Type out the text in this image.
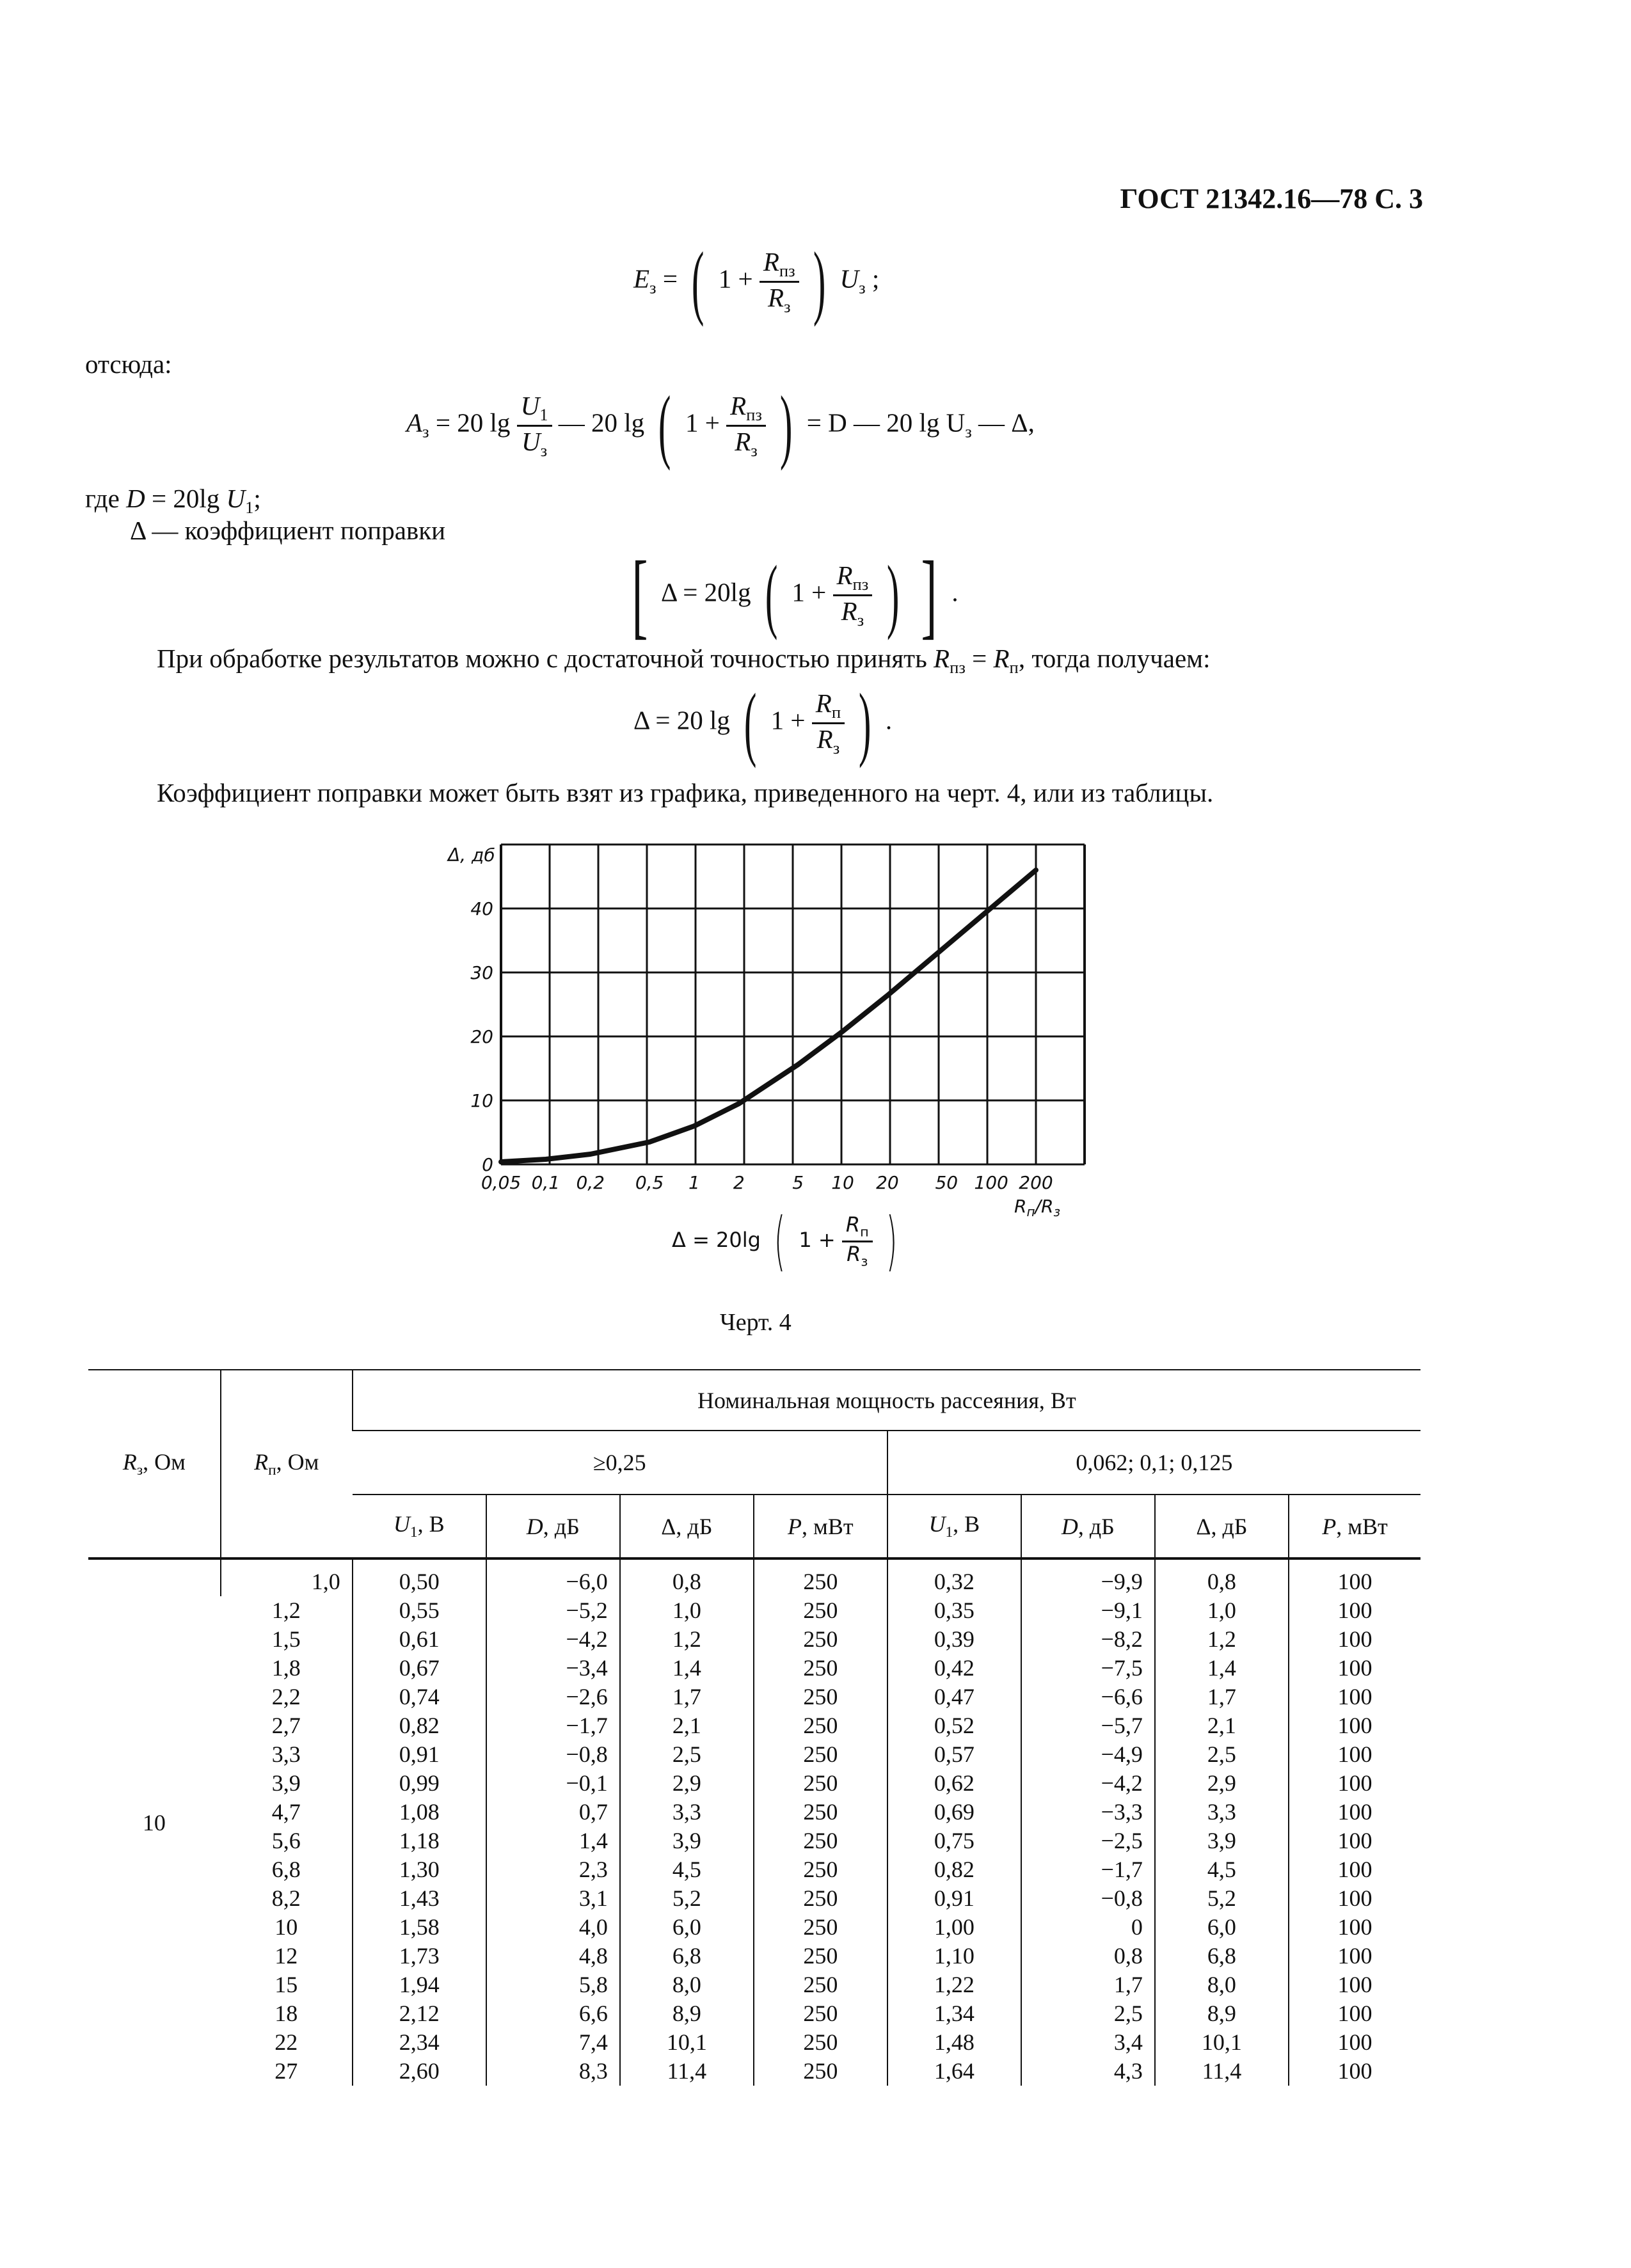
ГОСТ 21342.16—78 С. 3
$E_з$ = ( $1 + \frac{R_{пз}}{R_з}$ ) $U_з$ ;
отсюда:
$A_з = 20$ $\lg \frac{U_1}{U_з}$ — 20 lg ( $1 + \frac{R_{пз}}{R_з}$ ) = D — 20 $\lg U_з$ — Δ,
где D = 20lg $U_1$;
Δ — коэффициент поправки
[ Δ = 20lg ( $1 + \frac{R_{пз}}{R_з}$ ) ] .
При обработке результатов можно с достаточной точностью принять $R_{пз} = R_п$, тогда получаем:
Δ = 20 lg ( $1 + \frac{R_п}{R_з}$ ) .
Коэффициент поправки может быть взят из графика, приведенного на черт. 4, или из таблицы.
0,05 0,1 0,2 0,5 1 2	5 10 20 50 100 200
0
10
20
30
40
Δ, дб
$R_п/R_з$
Δ = 20lg ( $1 + \frac{R_п}{R_з}$ )
Черт. 4
$R_з$, Ом	$R_п$, Ом	Номинальная мощность рассеяния, Вт							
		≥0,25				0,062; 0,1; 0,125			
		$U_1$, В	D, дБ	Δ, дБ	P, мВт	$U_1$, В	D, дБ	Δ, дБ	P, мВт
10	1,0	0,50	−6,0	0,8	250	0,32	−9,9	0,8	100
	1,2	0,55	−5,2	1,0	250	0,35	−9,1	1,0	100
	1,5	0,61	−4,2	1,2	250	0,39	−8,2	1,2	100
	1,8	0,67	−3,4	1,4	250	0,42	−7,5	1,4	100
	2,2	0,74	−2,6	1,7	250	0,47	−6,6	1,7	100
	2,7	0,82	−1,7	2,1	250	0,52	−5,7	2,1	100
	3,3	0,91	−0,8	2,5	250	0,57	−4,9	2,5	100
	3,9	0,99	−0,1	2,9	250	0,62	−4,2	2,9	100
	4,7	1,08	0,7	3,3	250	0,69	−3,3	3,3	100
	5,6	1,18	1,4	3,9	250	0,75	−2,5	3,9	100
	6,8	1,30	2,3	4,5	250	0,82	−1,7	4,5	100
	8,2	1,43	3,1	5,2	250	0,91	−0,8	5,2	100
	10	1,58	4,0	6,0	250	1,00	0	6,0	100
	12	1,73	4,8	6,8	250	1,10	0,8	6,8	100
	15	1,94	5,8	8,0	250	1,22	1,7	8,0	100
	18	2,12	6,6	8,9	250	1,34	2,5	8,9	100
	22	2,34	7,4	10,1	250	1,48	3,4	10,1	100
	27	2,60	8,3	11,4	250	1,64	4,3	11,4	100
